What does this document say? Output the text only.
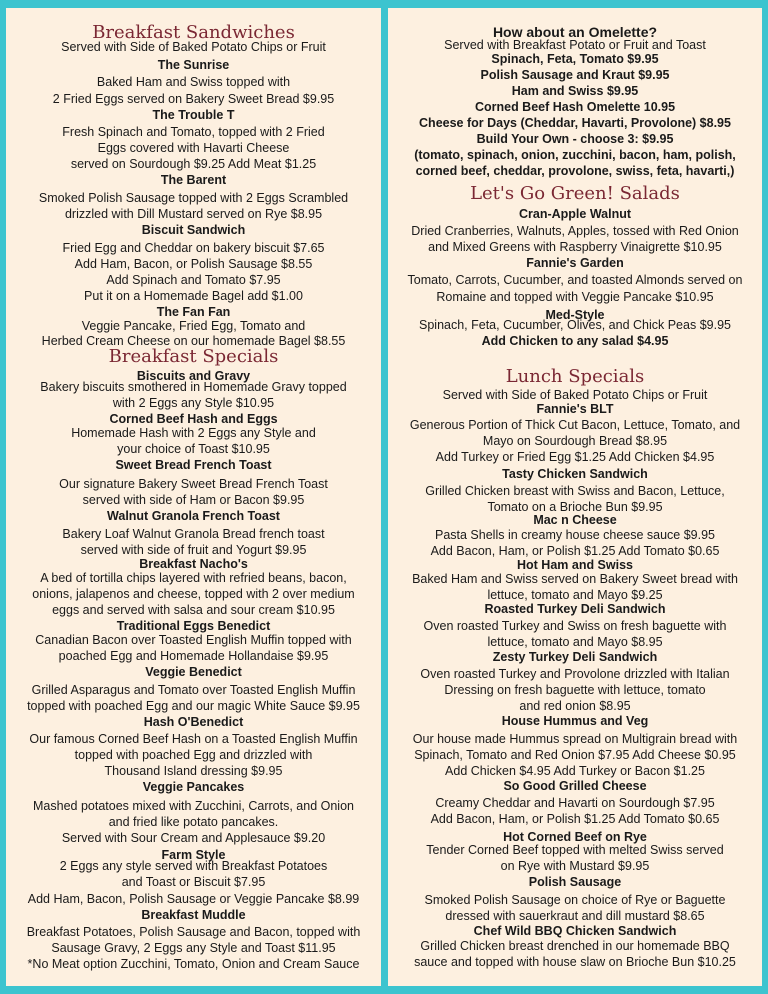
Breakfast Sandwiches
Served with Side of Baked Potato Chips or Fruit
The Sunrise
Baked Ham and Swiss topped with
2 Fried Eggs served on Bakery Sweet Bread $9.95
The Trouble T
Fresh Spinach and Tomato, topped with 2 Fried
Eggs covered with Havarti Cheese
served on Sourdough $9.25 Add Meat $1.25
The Barent
Smoked Polish Sausage topped with 2 Eggs Scrambled
drizzled with Dill Mustard served on Rye $8.95
Biscuit Sandwich
Fried Egg and Cheddar on bakery biscuit $7.65
Add Ham, Bacon, or Polish Sausage $8.55
Add Spinach and Tomato $7.95
Put it on a Homemade Bagel add $1.00
The Fan Fan
Veggie Pancake, Fried Egg, Tomato and
Herbed Cream Cheese on our homemade Bagel $8.55
Breakfast Specials
Biscuits and Gravy
Bakery biscuits smothered in Homemade Gravy topped
with 2 Eggs any Style $10.95
Corned Beef Hash and Eggs
Homemade Hash with 2 Eggs any Style and
your choice of Toast $10.95
Sweet Bread French Toast
Our signature Bakery Sweet Bread French Toast
served with side of Ham or Bacon $9.95
Walnut Granola French Toast
Bakery Loaf Walnut Granola Bread french toast
served with side of fruit and Yogurt $9.95
Breakfast Nacho's
A bed of tortilla chips layered with refried beans, bacon,
onions, jalapenos and cheese, topped with 2 over medium
eggs and served with salsa and sour cream $10.95
Traditional Eggs Benedict
Canadian Bacon over Toasted English Muffin topped with
poached Egg and Homemade Hollandaise $9.95
Veggie Benedict
Grilled Asparagus and Tomato over Toasted English Muffin
topped with poached Egg and our magic White Sauce $9.95
Hash O'Benedict
Our famous Corned Beef Hash on a Toasted English Muffin
topped with poached Egg and drizzled with
Thousand Island dressing $9.95
Veggie Pancakes
Mashed potatoes mixed with Zucchini, Carrots, and Onion
and fried like potato pancakes.
Served with Sour Cream and Applesauce $9.20
Farm Style
2 Eggs any style served with Breakfast Potatoes
and Toast or Biscuit $7.95
Add Ham, Bacon, Polish Sausage or Veggie Pancake $8.99
Breakfast Muddle
Breakfast Potatoes, Polish Sausage and Bacon, topped with
Sausage Gravy, 2 Eggs any Style and Toast $11.95
*No Meat option Zucchini, Tomato, Onion and Cream Sauce
How about an Omelette?
Served with Breakfast Potato or Fruit and Toast
Spinach, Feta, Tomato $9.95
Polish Sausage and Kraut $9.95
Ham and Swiss $9.95
Corned Beef Hash Omelette 10.95
Cheese for Days (Cheddar, Havarti, Provolone) $8.95
Build Your Own - choose 3: $9.95
(tomato, spinach, onion, zucchini, bacon, ham, polish,
corned beef, cheddar, provolone, swiss, feta, havarti,)
Let's Go Green! Salads
Cran-Apple Walnut
Dried Cranberries, Walnuts, Apples, tossed with Red Onion
and Mixed Greens with Raspberry Vinaigrette $10.95
Fannie's Garden
Tomato, Carrots, Cucumber, and toasted Almonds served on
Romaine and topped with Veggie Pancake $10.95
Med-Style
Spinach, Feta, Cucumber, Olives, and Chick Peas $9.95
Add Chicken to any salad $4.95
Lunch Specials
Served with Side of Baked Potato Chips or Fruit
Fannie's BLT
Generous Portion of Thick Cut Bacon, Lettuce, Tomato, and
Mayo on Sourdough Bread $8.95
Add Turkey or Fried Egg $1.25 Add Chicken $4.95
Tasty Chicken Sandwich
Grilled Chicken breast with Swiss and Bacon, Lettuce,
Tomato on a Brioche Bun $9.95
Mac n Cheese
Pasta Shells in creamy house cheese sauce $9.95
Add Bacon, Ham, or Polish $1.25 Add Tomato $0.65
Hot Ham and Swiss
Baked Ham and Swiss served on Bakery Sweet bread with
lettuce, tomato and Mayo $9.25
Roasted Turkey Deli Sandwich
Oven roasted Turkey and Swiss on fresh baguette with
lettuce, tomato and Mayo $8.95
Zesty Turkey Deli Sandwich
Oven roasted Turkey and Provolone drizzled with Italian
Dressing on fresh baguette with lettuce, tomato
and red onion $8.95
House Hummus and Veg
Our house made Hummus spread on Multigrain bread with
Spinach, Tomato and Red Onion $7.95 Add Cheese $0.95
Add Chicken $4.95 Add Turkey or Bacon $1.25
So Good Grilled Cheese
Creamy Cheddar and Havarti on Sourdough $7.95
Add Bacon, Ham, or Polish $1.25 Add Tomato $0.65
Hot Corned Beef on Rye
Tender Corned Beef topped with melted Swiss served
on Rye with Mustard $9.95
Polish Sausage
Smoked Polish Sausage on choice of Rye or Baguette
dressed with sauerkraut and dill mustard $8.65
Chef Wild BBQ Chicken Sandwich
Grilled Chicken breast drenched in our homemade BBQ
sauce and topped with house slaw on Brioche Bun $10.25
